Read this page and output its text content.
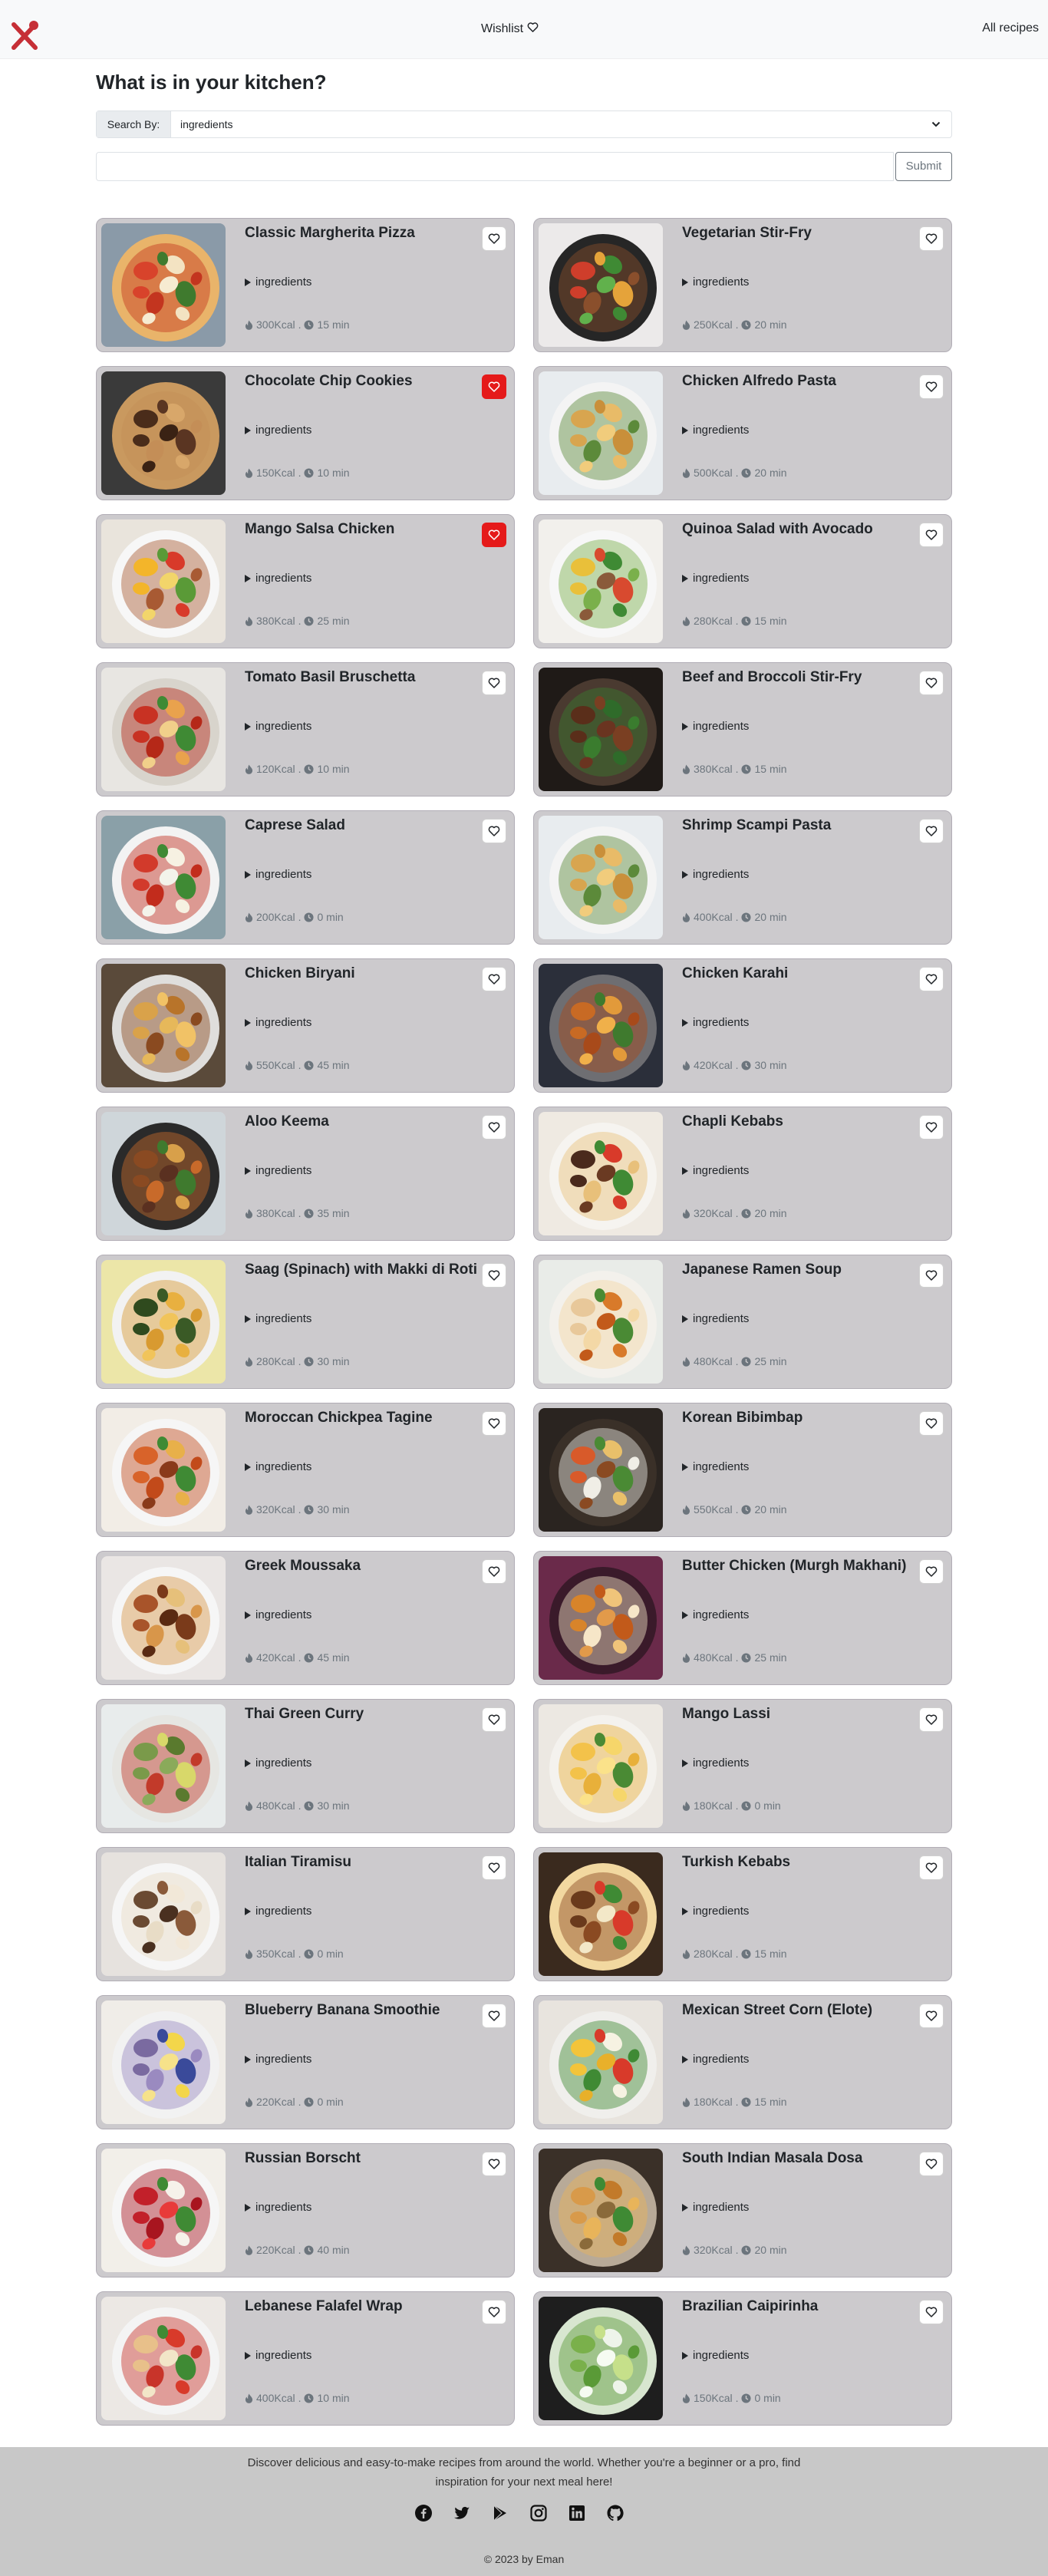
Wishlist	All recipes
What is in your kitchen?
Search By:	ingredients
Submit
Classic Margherita Pizza
ingredients
300Kcal . 15 min
Vegetarian Stir-Fry
ingredients
250Kcal . 20 min
Chocolate Chip Cookies
ingredients
150Kcal . 10 min
Chicken Alfredo Pasta
ingredients
500Kcal . 20 min
Mango Salsa Chicken
ingredients
380Kcal . 25 min
Quinoa Salad with Avocado
ingredients
280Kcal . 15 min
Tomato Basil Bruschetta
ingredients
120Kcal . 10 min
Beef and Broccoli Stir-Fry
ingredients
380Kcal . 15 min
Caprese Salad
ingredients
200Kcal . 0 min
Shrimp Scampi Pasta
ingredients
400Kcal . 20 min
Chicken Biryani
ingredients
550Kcal . 45 min
Chicken Karahi
ingredients
420Kcal . 30 min
Aloo Keema
ingredients
380Kcal . 35 min
Chapli Kebabs
ingredients
320Kcal . 20 min
Saag (Spinach) with Makki di Roti
ingredients
280Kcal . 30 min
Japanese Ramen Soup
ingredients
480Kcal . 25 min
Moroccan Chickpea Tagine
ingredients
320Kcal . 30 min
Korean Bibimbap
ingredients
550Kcal . 20 min
Greek Moussaka
ingredients
420Kcal . 45 min
Butter Chicken (Murgh Makhani)
ingredients
480Kcal . 25 min
Thai Green Curry
ingredients
480Kcal . 30 min
Mango Lassi
ingredients
180Kcal . 0 min
Italian Tiramisu
ingredients
350Kcal . 0 min
Turkish Kebabs
ingredients
280Kcal . 15 min
Blueberry Banana Smoothie
ingredients
220Kcal . 0 min
Mexican Street Corn (Elote)
ingredients
180Kcal . 15 min
Russian Borscht
ingredients
220Kcal . 40 min
South Indian Masala Dosa
ingredients
320Kcal . 20 min
Lebanese Falafel Wrap
ingredients
400Kcal . 10 min
Brazilian Caipirinha
ingredients
150Kcal . 0 min
Discover delicious and easy-to-make recipes from around the world. Whether you're a beginner or a pro, find inspiration for your next meal here!
© 2023 by Eman
